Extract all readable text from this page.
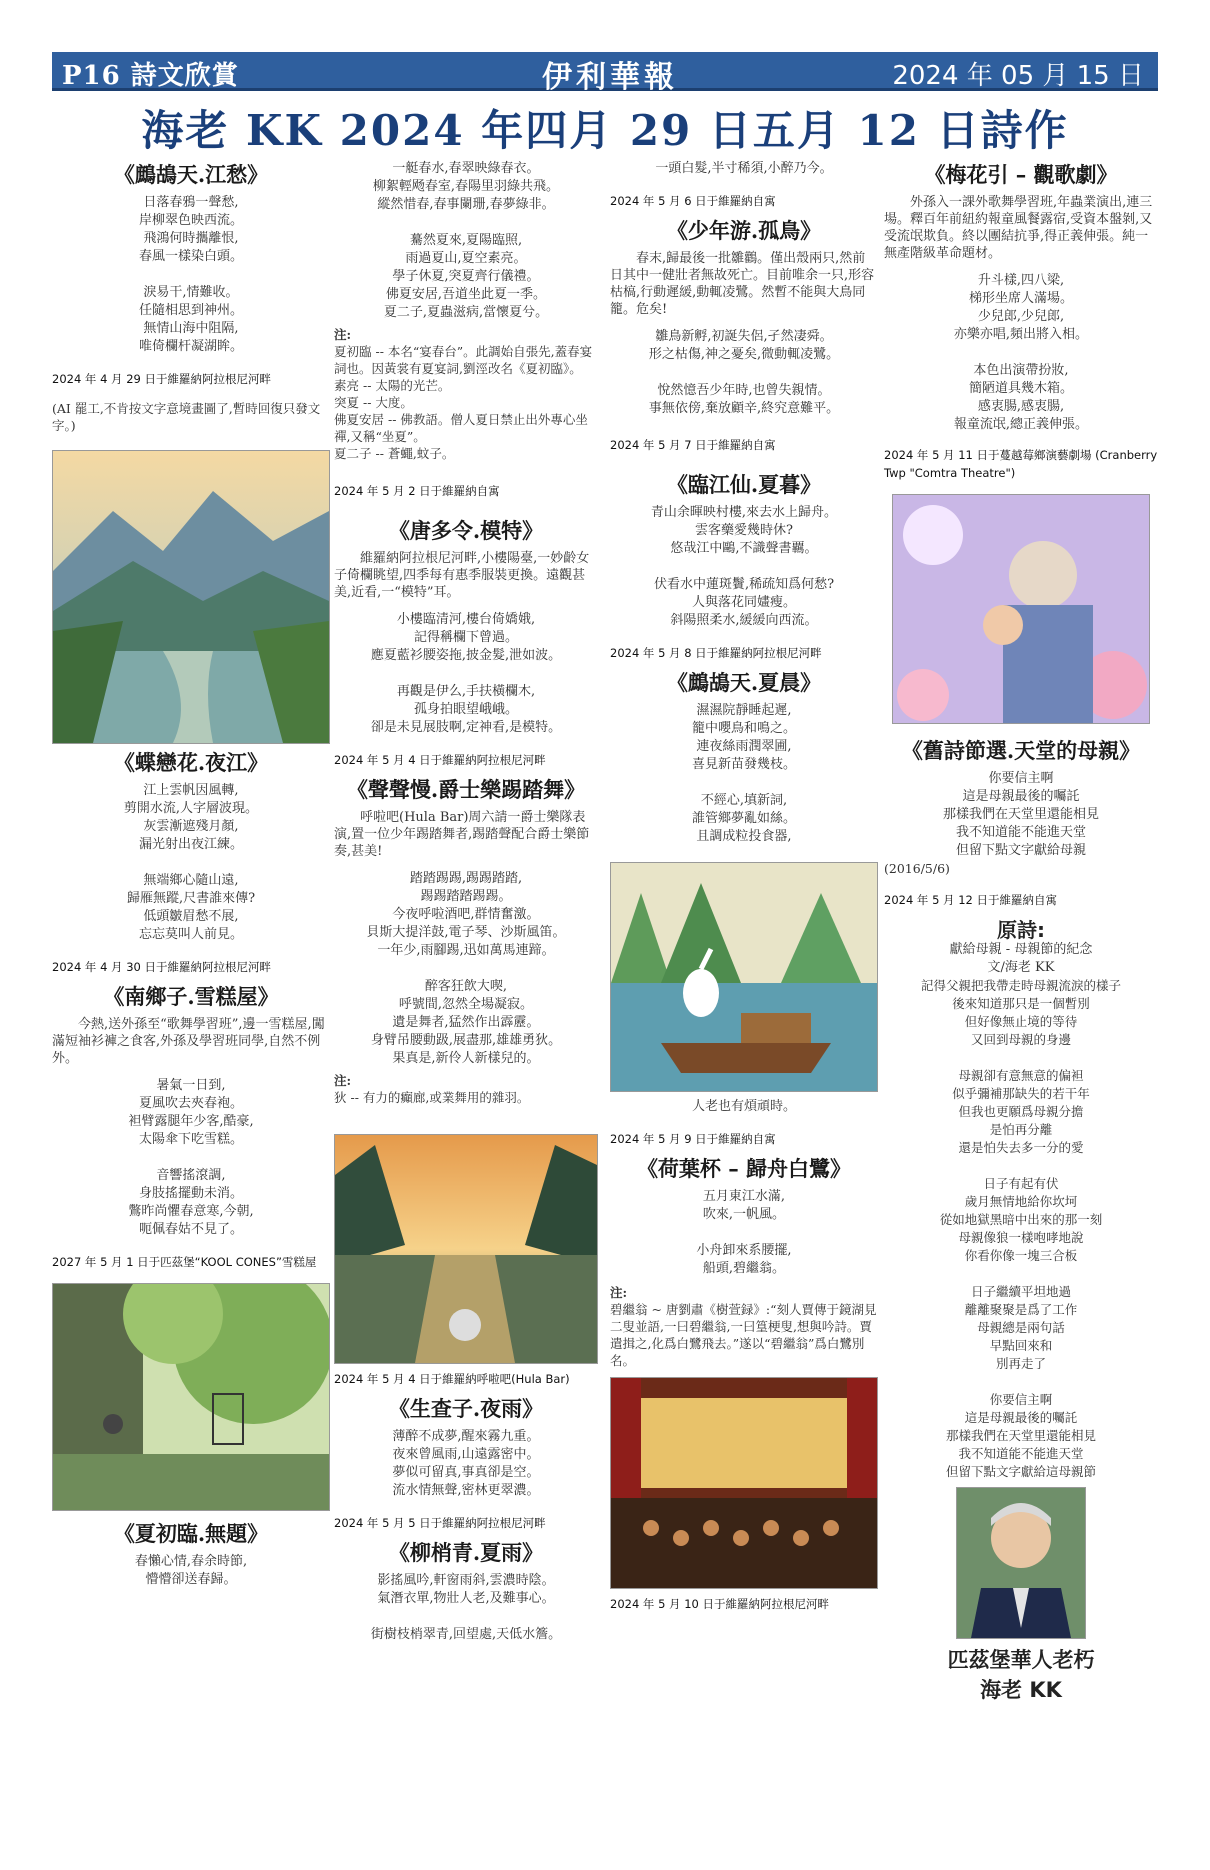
P16 詩文欣賞	伊利華報	2024 年 05 月 15 日
海老 KK 2024 年四月 29 日五月 12 日詩作
《鷓鴣天.江愁》
日落春鴉一聲愁,
岸柳翠色映西流。
飛鴻何時攜離恨,
春風一樣染白頭。

淚易干,情難收。
任隨相思到神州。
無情山海中阻隔,
唯倚欄杆凝湖眸。
2024 年 4 月 29 日于維羅納阿拉根尼河畔
(AI 罷工,不肯按文字意境畫圖了,暫時回復只發文字。)
《蝶戀花.夜江》
江上雲帆因風轉,
剪開水流,人字層波現。
灰雲漸遮殘月顏,
漏光射出夜江練。

無端鄉心隨山遠,
歸雁無蹤,尺書誰來傳?
低頭皺眉愁不展,
忘忘莫叫人前見。
2024 年 4 月 30 日于維羅納阿拉根尼河畔
《南鄉子.雪糕屋》
今熱,送外孫至“歌舞學習班”,邊一雪糕屋,闖滿短袖衫褲之食客,外孫及學習班同學,自然不例外。
暑氣一日到,
夏風吹去夾春袍。
袒臂露腿年少客,酷豪,
太陽傘下吃雪糕。

音響搖滾調,
身肢搖擺動未消。
鷩昨尚懼春意寒,今朝,
呃佩春姑不見了。
2027 年 5 月 1 日于匹茲堡“KOOL CONES”雪糕屋
《夏初臨.無題》
春懶心情,春余時節,
懵懵卻送春歸。
一艇春水,春翠映綠春衣。
柳絮輕飏春室,春陽里羽綠共飛。
縱然惜春,春事闌珊,春夢綠非。

驀然夏來,夏陽臨照,
雨過夏山,夏空素亮。
學子休夏,突夏齊行儀禮。
佛夏安居,吾道坐此夏一季。
夏二子,夏蟲滋病,當懷夏兮。
注:
夏初臨 -- 本名“宴春台”。此調始自張先,蓋春宴詞也。因黃裳有夏宴詞,劉涇改名《夏初臨》。
素亮 -- 太陽的光芒。
突夏 -- 大度。
佛夏安居 -- 佛教語。僧人夏日禁止出外專心坐禪,又稱“坐夏”。
夏二子 -- 蒼蠅,蚊子。
2024 年 5 月 2 日于維羅納自寓
《唐多令.模特》
維羅納阿拉根尼河畔,小樓陽臺,一妙齡女子倚欄眺望,四季每有惠季服裝更換。遠觀甚美,近看,一“模特”耳。
小樓臨清河,樓台倚嬌娥,
記得稱欄下曾過。
應夏藍衫腰姿拖,披金髮,泄如波。

再觀是伊么,手扶橫欄木,
孤身拍眼望峨峨。
卻是未見展肢啊,定神看,是模特。
2024 年 5 月 4 日于維羅納阿拉根尼河畔
《聲聲慢.爵士樂踢踏舞》
呼啦吧(Hula Bar)周六請一爵士樂隊表演,置一位少年踢踏舞者,踢踏聲配合爵士樂節奏,甚美!
踏踏踢踢,踢踢踏踏,
踢踢踏踏踢踢。
今夜呼啦酒吧,群情奮激。
貝斯大提洋鼓,電子琴、沙斯風笛。
一年少,雨腳踢,迅如萬馬連蹄。

醉客狂飲大喫,
呼號間,忽然全場凝寂。
遺是舞者,猛然作出霹靂。
身臂吊腰動趿,展盡那,雄雄勇狄。
果真是,新伶人新樣兒的。
注:
狄 -- 有力的癲廊,或業舞用的雜羽。
2024 年 5 月 4 日于維羅納呼啦吧(Hula Bar)
《生查子.夜雨》
薄醉不成夢,醒來霧九重。
夜來曾風雨,山遠露密中。
夢似可留真,事真卻是空。
流水情無聲,密林更翠濃。
2024 年 5 月 5 日于維羅納阿拉根尼河畔
《柳梢青.夏雨》
影搖風吟,軒窗雨斜,雲濃時陰。
氣潛衣單,物壯人老,及難事心。

街樹枝梢翠青,回望處,天低水簷。
一頭白髮,半寸稀須,小醉乃今。
2024 年 5 月 6 日于維羅納自寓
《少年游.孤鳥》
春末,歸最後一批雛鸛。僅出殼兩只,然前日其中一健壯者無故死亡。目前唯余一只,形容枯槁,行動遲緩,動輒凌鷺。然暫不能與大鳥同籠。危矣!
雛鳥新孵,初誕失侶,孑然凄舜。
形之枯傷,神之憂矣,微動輒凌鷺。

悅然憶吾少年時,也曾失親情。
事無依傍,棄放顧辛,終究意難平。
2024 年 5 月 7 日于維羅納自寓
《臨江仙.夏暮》
青山余暉映村樓,來去水上歸舟。
雲客藥愛幾時休?
悠哉江中鷗,不識聲書覊。

伏看水中蓮斑鬢,稀疏知爲何愁?
人與落花同嫿瘦。
斜陽照柔水,緩緩向西流。
2024 年 5 月 8 日于維羅納阿拉根尼河畔
《鷓鴣天.夏晨》
濕濕院靜睡起遲,
籠中嚶鳥和鳴之。
連夜絲雨潤翠圃,
喜見新苗發幾枝。

不經心,填新詞,
誰管鄉夢亂如絲。
且調成粒投食器,
人老也有煩頑時。
2024 年 5 月 9 日于維羅納自寓
《荷葉杯 – 歸舟白鷺》
五月東江水滿,
吹來,一帆風。

小舟卸來系腰擺,
船頭,碧繼翁。
注:
碧繼翁 ~ 唐劉肅《樹萱録》:“刻人賈傳于鏡湖見二叟並語,一曰碧繼翁,一曰篁梗叟,想與吟詩。賈遣揖之,化爲白鷺飛去。”遂以“碧繼翁”爲白鷺別名。
2024 年 5 月 10 日于維羅納阿拉根尼河畔
《梅花引 – 觀歌劇》
外孫入一課外歌舞學習班,年蟲業演出,連三場。釋百年前紐約報童風餐露宿,受資本盤剝,又受流氓欺負。終以團結抗爭,得正義伸張。純一無產階級革命題材。
升斗樣,四八梁,
梯形坐席人滿場。
少兒郎,少兒郎,
亦樂亦唱,頻出將入相。

本色出演帶扮妝,
簡陋道具幾木箱。
感衷腸,感衷腸,
報童流氓,總正義伸張。
2024 年 5 月 11 日于蔓越莓鄉演藝劇場 (Cranberry Twp "Comtra Theatre")
《舊詩節選.天堂的母親》
你要信主啊
這是母親最後的囑託
那樣我們在天堂里還能相見
我不知道能不能進天堂
但留下點文字獻給母親
(2016/5/6)
2024 年 5 月 12 日于維羅納自寓
原詩:
獻給母親 - 母親節的紀念
文/海老 KK
記得父親把我帶走時母親流淚的樣子
後來知道那只是一個暫別
但好像無止境的等待
又回到母親的身邊

母親卻有意無意的偏袒
似乎彌補那缺失的若干年
但我也更願爲母親分擔
是怕再分離
還是怕失去多一分的愛

日子有起有伏
歲月無情地給你坎坷
從如地獄黑暗中出來的那一刻
母親像狼一樣咆哮地說
你看你像一塊三合板

日子繼續平坦地過
離離聚聚是爲了工作
母親總是兩句話
早點回來和
別再走了

你要信主啊
這是母親最後的囑託
那樣我們在天堂里還能相見
我不知道能不能進天堂
但留下點文字獻給這母親節
匹茲堡華人老朽
海老 KK
